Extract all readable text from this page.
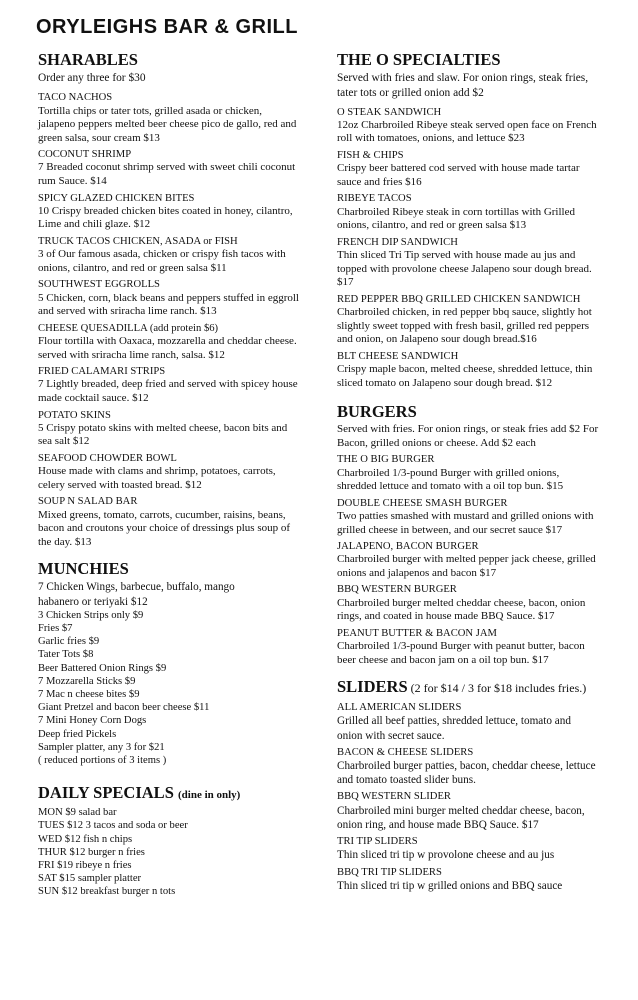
ORYLEIGHS BAR & GRILL
SHARABLES
Order any three for $30
TACO NACHOS
Tortilla chips or tater tots, grilled asada or chicken, jalapeno peppers melted beer cheese pico de gallo, red and green salsa, sour cream $13
COCONUT SHRIMP
7 Breaded coconut shrimp served with sweet chili coconut rum Sauce. $14
SPICY GLAZED CHICKEN BITES
10 Crispy breaded chicken bites coated in honey, cilantro, Lime and chili glaze. $12
TRUCK TACOS CHICKEN, ASADA or FISH
3 of Our famous asada, chicken or crispy fish tacos with onions, cilantro, and red or green salsa $11
SOUTHWEST EGGROLLS
5 Chicken, corn, black beans and peppers stuffed in eggroll and served with sriracha lime ranch. $13
CHEESE QUESADILLA (add protein $6)
Flour tortilla with Oaxaca, mozzarella and cheddar cheese. served with sriracha lime ranch, salsa. $12
FRIED CALAMARI STRIPS
7 Lightly breaded, deep fried and served with spicey house made cocktail sauce. $12
POTATO SKINS
5 Crispy potato skins with melted cheese, bacon bits and sea salt $12
SEAFOOD CHOWDER BOWL
House made with clams and shrimp, potatoes, carrots, celery served with toasted bread. $12
SOUP N SALAD BAR
Mixed greens, tomato, carrots, cucumber, raisins, beans, bacon and croutons your choice of dressings plus soup of the day. $13
MUNCHIES
7 Chicken Wings, barbecue, buffalo, mango habanero or teriyaki $12
3 Chicken Strips only $9
Fries $7
Garlic fries $9
Tater Tots $8
Beer Battered Onion Rings $9
7 Mozzarella Sticks $9
7 Mac n cheese bites $9
Giant Pretzel and bacon beer cheese $11
7 Mini Honey Corn Dogs
Deep fried Pickels
Sampler platter, any 3 for $21
( reduced portions of 3 items )
DAILY SPECIALS (dine in only)
MON $9 salad bar
TUES $12 3 tacos and soda or beer
WED $12 fish n chips
THUR $12 burger n fries
FRI $19 ribeye n fries
SAT $15 sampler platter
SUN $12 breakfast burger n tots
THE O SPECIALTIES
Served with fries and slaw. For onion rings, steak fries, tater tots or grilled onion add $2
O STEAK SANDWICH
12oz Charbroiled Ribeye steak served open face on French roll with tomatoes, onions, and lettuce $23
FISH & CHIPS
Crispy beer battered cod served with house made tartar sauce and fries $16
RIBEYE TACOS
Charbroiled Ribeye steak in corn tortillas with Grilled onions, cilantro, and red or green salsa $13
FRENCH DIP SANDWICH
Thin sliced Tri Tip served with house made au jus and topped with provolone cheese Jalapeno sour dough bread. $17
RED PEPPER BBQ GRILLED CHICKEN SANDWICH
Charbroiled chicken, in red pepper bbq sauce, slightly hot slightly sweet topped with fresh basil, grilled red peppers and onion, on Jalapeno sour dough bread.$16
BLT CHEESE SANDWICH
Crispy maple bacon, melted cheese, shredded lettuce, thin sliced tomato on Jalapeno sour dough bread. $12
BURGERS
Served with fries. For onion rings, or steak fries add $2 For Bacon, grilled onions or cheese. Add $2 each
THE O BIG BURGER
Charbroiled 1/3-pound Burger with grilled onions, shredded lettuce and tomato with a oil top bun. $15
DOUBLE CHEESE SMASH BURGER
Two patties smashed with mustard and grilled onions with grilled cheese in between, and our secret sauce $17
JALAPENO, BACON BURGER
Charbroiled burger with melted pepper jack cheese, grilled onions and jalapenos and bacon $17
BBQ WESTERN BURGER
Charbroiled burger melted cheddar cheese, bacon, onion rings, and coated in house made BBQ Sauce. $17
PEANUT BUTTER & BACON JAM
Charbroiled 1/3-pound Burger with peanut butter, bacon beer cheese and bacon jam on a oil top bun. $17
SLIDERS (2 for $14 / 3 for $18 includes fries.)
ALL AMERICAN SLIDERS
Grilled all beef patties, shredded lettuce, tomato and onion with secret sauce.
BACON & CHEESE SLIDERS
Charbroiled burger patties, bacon, cheddar cheese, lettuce and tomato toasted slider buns.
BBQ WESTERN SLIDER
Charbroiled mini burger melted cheddar cheese, bacon, onion ring, and house made BBQ Sauce. $17
TRI TIP SLIDERS
Thin sliced tri tip w provolone cheese and au jus
BBQ TRI TIP SLIDERS
Thin sliced tri tip w grilled onions and BBQ sauce
